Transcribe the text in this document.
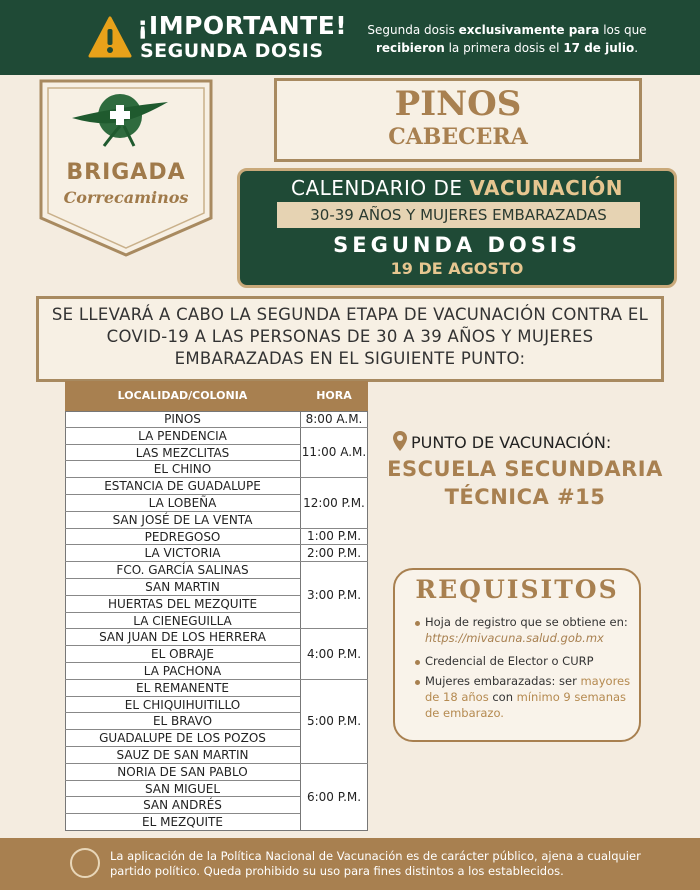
¡IMPORTANTE!
SEGUNDA DOSIS
Segunda dosis exclusivamente para los que recibieron la primera dosis el 17 de julio.
BRIGADA
Correcaminos
PINOS
CABECERA
CALENDARIO DE VACUNACIÓN
30-39 AÑOS Y MUJERES EMBARAZADAS
SEGUNDA DOSIS
19 DE AGOSTO
SE LLEVARÁ A CABO LA SEGUNDA ETAPA DE VACUNACIÓN CONTRA EL COVID-19 A LAS PERSONAS DE 30 A 39 AÑOS Y MUJERES EMBARAZADAS EN EL SIGUIENTE PUNTO:
LOCALIDAD/COLONIA	HORA
PINOS
LA PENDENCIA
LAS MEZCLITAS
EL CHINO
ESTANCIA DE GUADALUPE
LA LOBEÑA
SAN JOSÉ DE LA VENTA
PEDREGOSO
LA VICTORIA
FCO. GARCÍA SALINAS
SAN MARTIN
HUERTAS DEL MEZQUITE
LA CIENEGUILLA
SAN JUAN DE LOS HERRERA
EL OBRAJE
LA PACHONA
EL REMANENTE
EL CHIQUIHUITILLO
EL BRAVO
GUADALUPE DE LOS POZOS
SAUZ DE SAN MARTIN
NORIA DE SAN PABLO
SAN MIGUEL
SAN ANDRÉS
EL MEZQUITE
8:00 A.M.
11:00 A.M.
12:00 P.M.
1:00 P.M.
2:00 P.M.
3:00 P.M.
4:00 P.M.
5:00 P.M.
6:00 P.M.
PUNTO DE VACUNACIÓN:
ESCUELA SECUNDARIA
TÉCNICA #15
REQUISITOS
Hoja de registro que se obtiene en: https://mivacuna.salud.gob.mx
Credencial de Elector o CURP
Mujeres embarazadas: ser mayores de 18 años con mínimo 9 semanas de embarazo.
La aplicación de la Política Nacional de Vacunación es de carácter público, ajena a cualquier partido político. Queda prohibido su uso para fines distintos a los establecidos.
